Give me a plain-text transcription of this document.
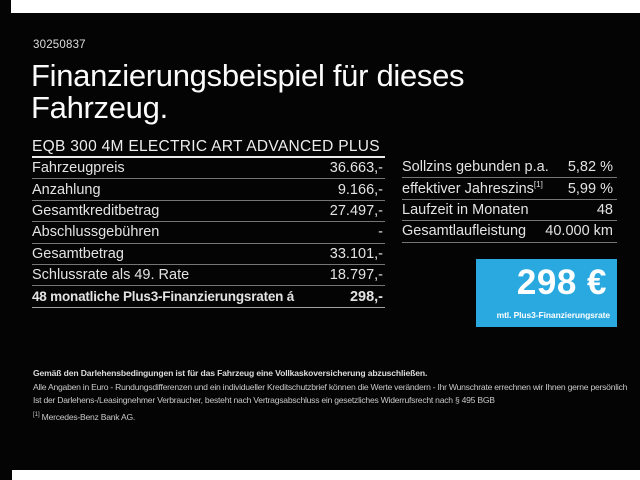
30250837
Finanzierungsbeispiel für dieses
Fahrzeug.
EQB 300 4M ELECTRIC ART ADVANCED PLUS
Fahrzeugpreis	36.663,-
Anzahlung	9.166,-
Gesamtkreditbetrag	27.497,-
Abschlussgebühren	-
Gesamtbetrag	33.101,-
Schlussrate als 49. Rate	18.797,-
48 monatliche Plus3-Finanzierungsraten á	298,-
Sollzins gebunden p.a. 5,82 %
effektiver Jahreszins[1] 5,99 %
Laufzeit in Monaten	48
Gesamtlaufleistung 40.000 km
298 €
mtl. Plus3-Finanzierungsrate
Gemäß den Darlehensbedingungen ist für das Fahrzeug eine Vollkaskoversicherung abzuschließen.
Alle Angaben in Euro - Rundungsdifferenzen und ein individueller Kreditschutzbrief können die Werte verändern - Ihr Wunschrate errechnen wir Ihnen gerne persönlich
Ist der Darlehens-/Leasingnehmer Verbraucher, besteht nach Vertragsabschluss ein gesetzliches Widerrufsrecht nach § 495 BGB
[1] Mercedes-Benz Bank AG.
